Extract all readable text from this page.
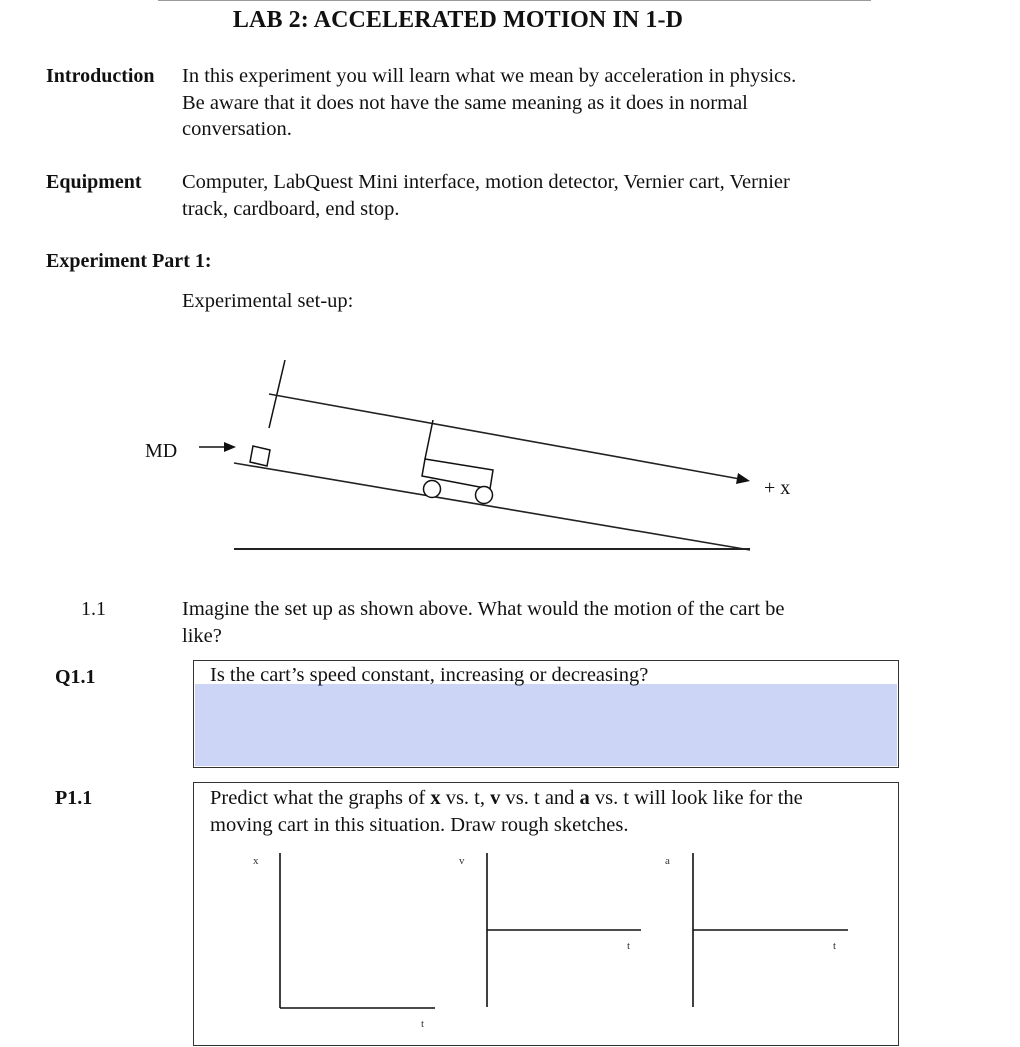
LAB 2: ACCELERATED MOTION IN 1-D
Introduction In this experiment you will learn what we mean by acceleration in physics.
Be aware that it does not have the same meaning as it does in normal
conversation.
Equipment Computer, LabQuest Mini interface, motion detector, Vernier cart, Vernier
track, cardboard, end stop.
Experiment Part 1:
Experimental set-up:
MD
+ x
1.1	Imagine the set up as shown above. What would the motion of the cart be
like?
Q1.1	Is the cart’s speed constant, increasing or decreasing?
P1.1	Predict what the graphs of x vs. t, v vs. t and a vs. t will look like for the
moving cart in this situation. Draw rough sketches.
x
t
v
t
a
t
